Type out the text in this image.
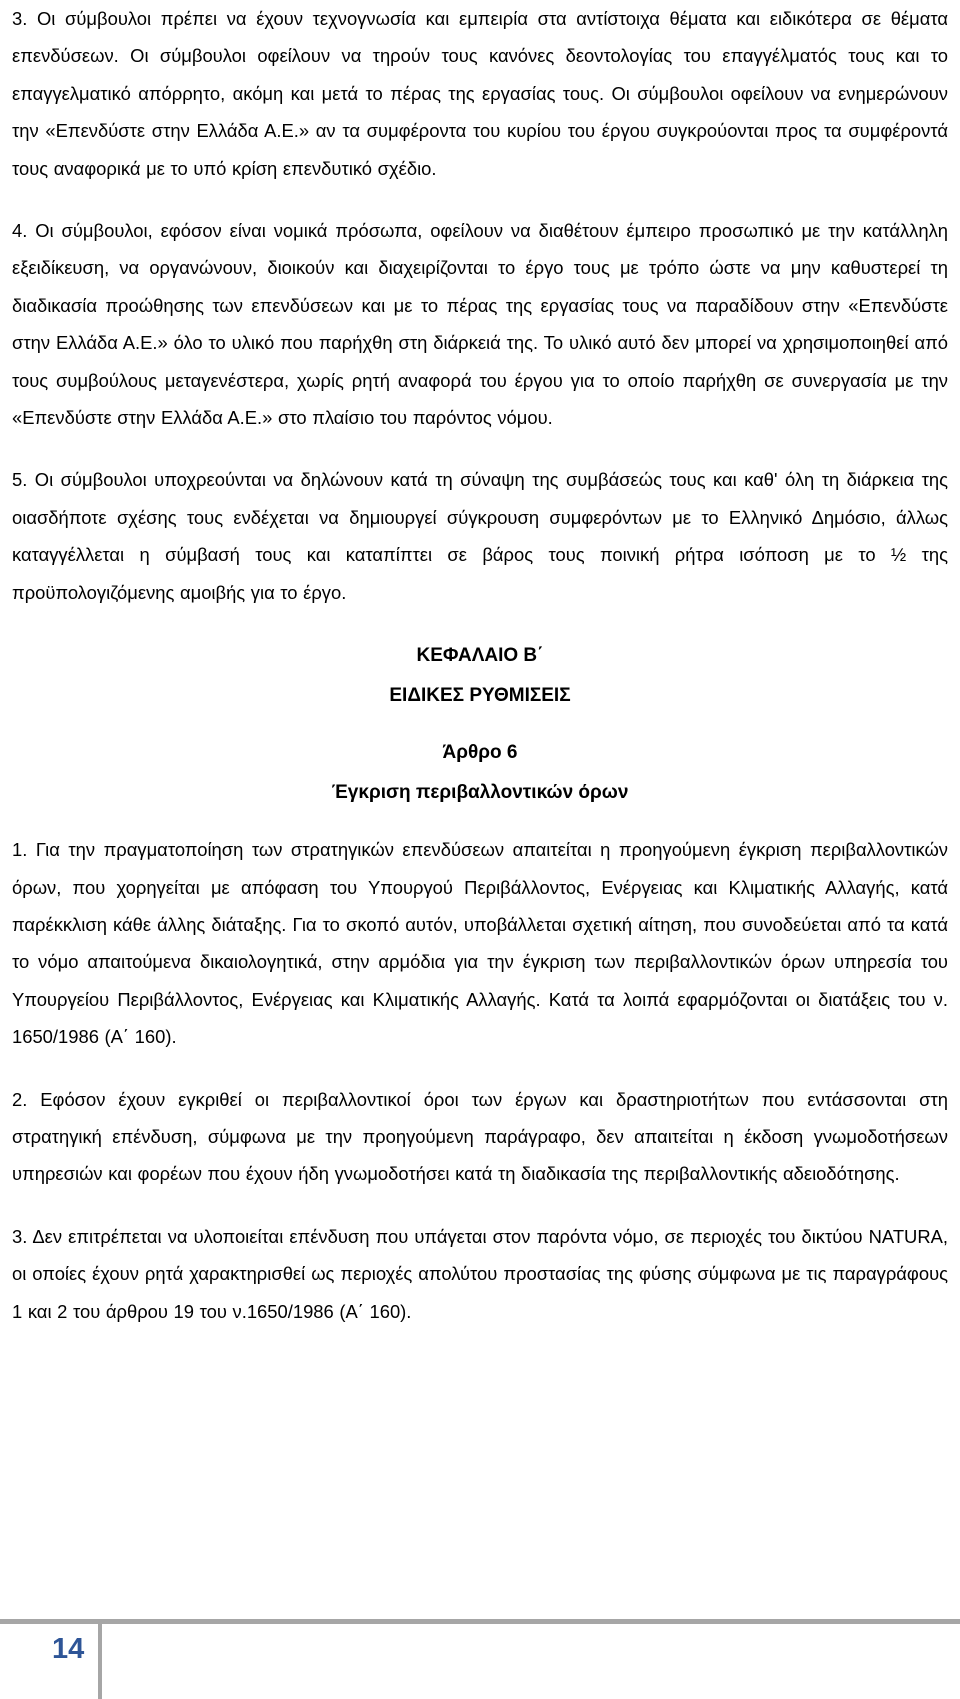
3. Οι σύμβουλοι πρέπει να έχουν τεχνογνωσία και εμπειρία στα αντίστοιχα θέματα και ειδικότερα σε θέματα επενδύσεων. Οι σύμβουλοι οφείλουν να τηρούν τους κανόνες δεοντολογίας του επαγγέλματός τους και το επαγγελματικό απόρρητο, ακόμη και μετά το πέρας της εργασίας τους. Οι σύμβουλοι οφείλουν να ενημερώνουν την «Επενδύστε στην Ελλάδα Α.Ε.» αν τα συμφέροντα του κυρίου του έργου συγκρούονται προς τα συμφέροντά τους αναφορικά με το υπό κρίση επενδυτικό σχέδιο.

4. Οι σύμβουλοι, εφόσον είναι νομικά πρόσωπα, οφείλουν να διαθέτουν έμπειρο προσωπικό με την κατάλληλη εξειδίκευση, να οργανώνουν, διοικούν και διαχειρίζονται το έργο τους με τρόπο ώστε να μην καθυστερεί τη διαδικασία προώθησης των επενδύσεων και με το πέρας της εργασίας τους να παραδίδουν στην «Επενδύστε στην Ελλάδα Α.Ε.» όλο το υλικό που παρήχθη στη διάρκειά της. Το υλικό αυτό δεν μπορεί να χρησιμοποιηθεί από τους συμβούλους μεταγενέστερα, χωρίς ρητή αναφορά του έργου για το οποίο παρήχθη σε συνεργασία με την «Επενδύστε στην Ελλάδα Α.Ε.» στο πλαίσιο του παρόντος νόμου.

5. Οι σύμβουλοι υποχρεούνται να δηλώνουν κατά τη σύναψη της συμβάσεώς τους και καθ' όλη τη διάρκεια της οιασδήποτε σχέσης τους ενδέχεται να δημιουργεί σύγκρουση συμφερόντων με το Ελληνικό Δημόσιο, άλλως καταγγέλλεται η σύμβασή τους και καταπίπτει σε βάρος τους ποινική ρήτρα ισόποση με το ½ της προϋπολογιζόμενης αμοιβής για το έργο.

ΚΕΦΑΛΑΙΟ Β΄
ΕΙΔΙΚΕΣ ΡΥΘΜΙΣΕΙΣ
Άρθρο 6
Έγκριση περιβαλλοντικών όρων

1. Για την πραγματοποίηση των στρατηγικών επενδύσεων απαιτείται η προηγούμενη έγκριση περιβαλλοντικών όρων, που χορηγείται με απόφαση του Υπουργού Περιβάλλοντος, Ενέργειας και Κλιματικής Αλλαγής, κατά παρέκκλιση κάθε άλλης διάταξης. Για το σκοπό αυτόν, υποβάλλεται σχετική αίτηση, που συνοδεύεται από τα κατά το νόμο απαιτούμενα δικαιολογητικά, στην αρμόδια για την έγκριση των περιβαλλοντικών όρων υπηρεσία του Υπουργείου Περιβάλλοντος, Ενέργειας και Κλιματικής Αλλαγής. Κατά τα λοιπά εφαρμόζονται οι διατάξεις του ν. 1650/1986 (Α΄ 160).

2. Εφόσον έχουν εγκριθεί οι περιβαλλοντικοί όροι των έργων και δραστηριοτήτων που εντάσσονται στη στρατηγική επένδυση, σύμφωνα με την προηγούμενη παράγραφο, δεν απαιτείται η έκδοση γνωμοδοτήσεων υπηρεσιών και φορέων που έχουν ήδη γνωμοδοτήσει κατά τη διαδικασία της περιβαλλοντικής αδειοδότησης.

3. Δεν επιτρέπεται να υλοποιείται επένδυση που υπάγεται στον παρόντα νόμο, σε περιοχές του δικτύου NATURA, οι οποίες έχουν ρητά χαρακτηρισθεί ως περιοχές απολύτου προστασίας της φύσης σύμφωνα με τις παραγράφους 1 και 2 του άρθρου 19 του ν.1650/1986 (Α΄ 160).

14
